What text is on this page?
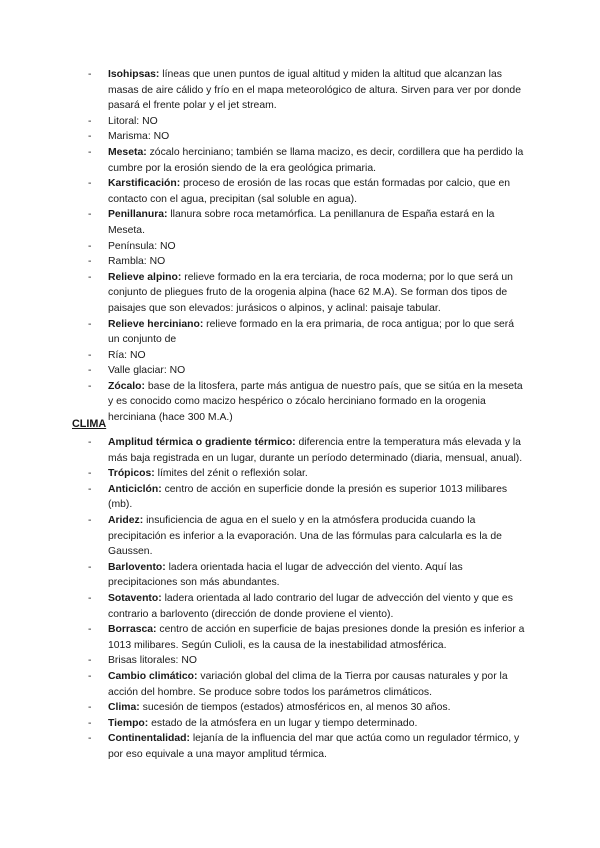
- Isohipsas: líneas que unen puntos de igual altitud y miden la altitud que alcanzan las masas de aire cálido y frío en el mapa meteorológico de altura. Sirven para ver por donde pasará el frente polar y el jet stream.
- Litoral: NO
- Marisma: NO
- Meseta: zócalo herciniano; también se llama macizo, es decir, cordillera que ha perdido la cumbre por la erosión siendo de la era geológica primaria.
- Karstificación: proceso de erosión de las rocas que están formadas por calcio, que en contacto con el agua, precipitan (sal soluble en agua).
- Penillanura: llanura sobre roca metamórfica. La penillanura de España estará en la Meseta.
- Península: NO
- Rambla: NO
- Relieve alpino: relieve formado en la era terciaria, de roca moderna; por lo que será un conjunto de pliegues fruto de la orogenia alpina (hace 62 M.A). Se forman dos tipos de paisajes que son elevados: jurásicos o alpinos, y aclinal: paisaje tabular.
- Relieve herciniano: relieve formado en la era primaria, de roca antigua; por lo que será un conjunto de
- Ría: NO
- Valle glaciar: NO
- Zócalo: base de la litosfera, parte más antigua de nuestro país, que se sitúa en la meseta y es conocido como macizo hespérico o zócalo herciniano formado en la orogenia herciniana (hace 300 M.A.)
CLIMA
- Amplitud térmica o gradiente térmico: diferencia entre la temperatura más elevada y la más baja registrada en un lugar, durante un período determinado (diaria, mensual, anual).
- Trópicos: límites del zénit o reflexión solar.
- Anticiclón: centro de acción en superficie donde la presión es superior 1013 milibares (mb).
- Aridez: insuficiencia de agua en el suelo y en la atmósfera producida cuando la precipitación es inferior a la evaporación. Una de las fórmulas para calcularla es la de Gaussen.
- Barlovento: ladera orientada hacia el lugar de advección del viento. Aquí las precipitaciones son más abundantes.
- Sotavento: ladera orientada al lado contrario del lugar de advección del viento y que es contrario a barlovento (dirección de donde proviene el viento).
- Borrasca: centro de acción en superficie de bajas presiones donde la presión es inferior a 1013 milibares. Según Culioli, es la causa de la inestabilidad atmosférica.
- Brisas litorales: NO
- Cambio climático: variación global del clima de la Tierra por causas naturales y por la acción del hombre. Se produce sobre todos los parámetros climáticos.
- Clima: sucesión de tiempos (estados) atmosféricos en, al menos 30 años.
- Tiempo: estado de la atmósfera en un lugar y tiempo determinado.
- Continentalidad: lejanía de la influencia del mar que actúa como un regulador térmico, y por eso equivale a una mayor amplitud térmica.
